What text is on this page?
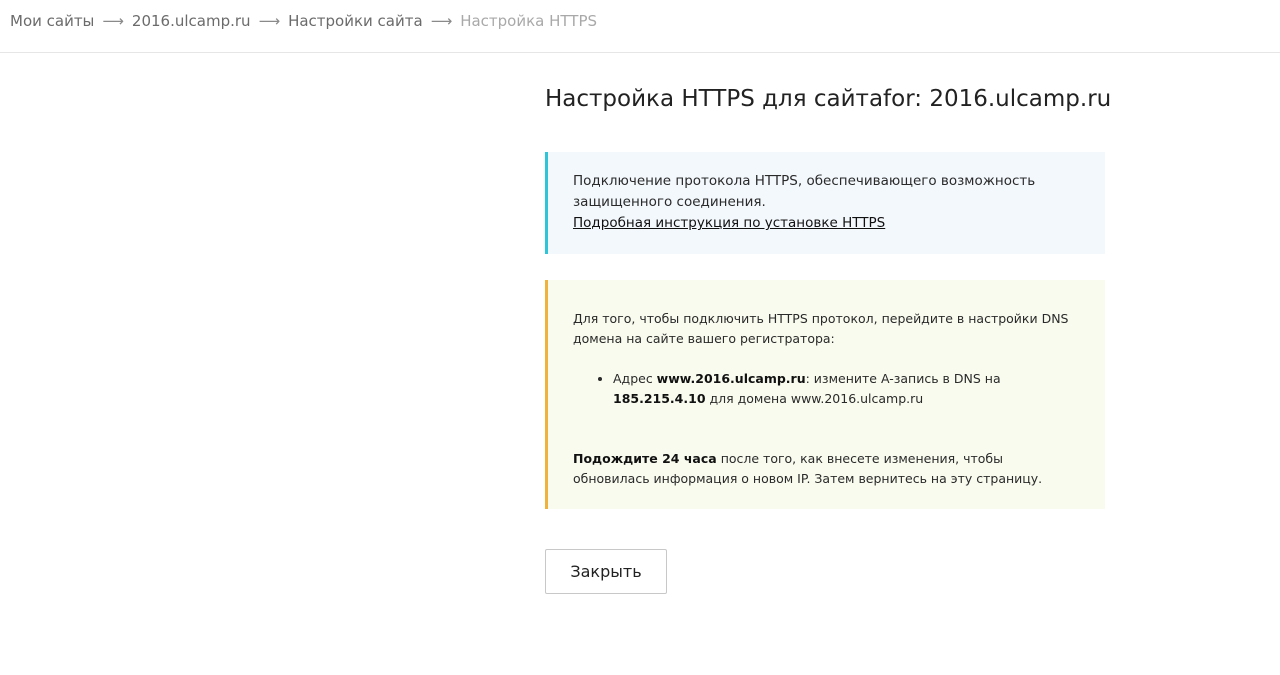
Мои сайты ⟶ 2016.ulcamp.ru ⟶ Настройки сайта ⟶ Настройка HTTPS
Настройка HTTPS для сайтаfor: 2016.ulcamp.ru
Подключение протокола HTTPS, обеспечивающего возможность защищенного соединения.
Подробная инструкция по установке HTTPS
Для того, чтобы подключить HTTPS протокол, перейдите в настройки DNS домена на сайте вашего регистратора:
• Адрес www.2016.ulcamp.ru: измените A-запись в DNS на 185.215.4.10 для домена www.2016.ulcamp.ru
Подождите 24 часа после того, как внесете изменения, чтобы обновилась информация о новом IP. Затем вернитесь на эту страницу.
Закрыть
